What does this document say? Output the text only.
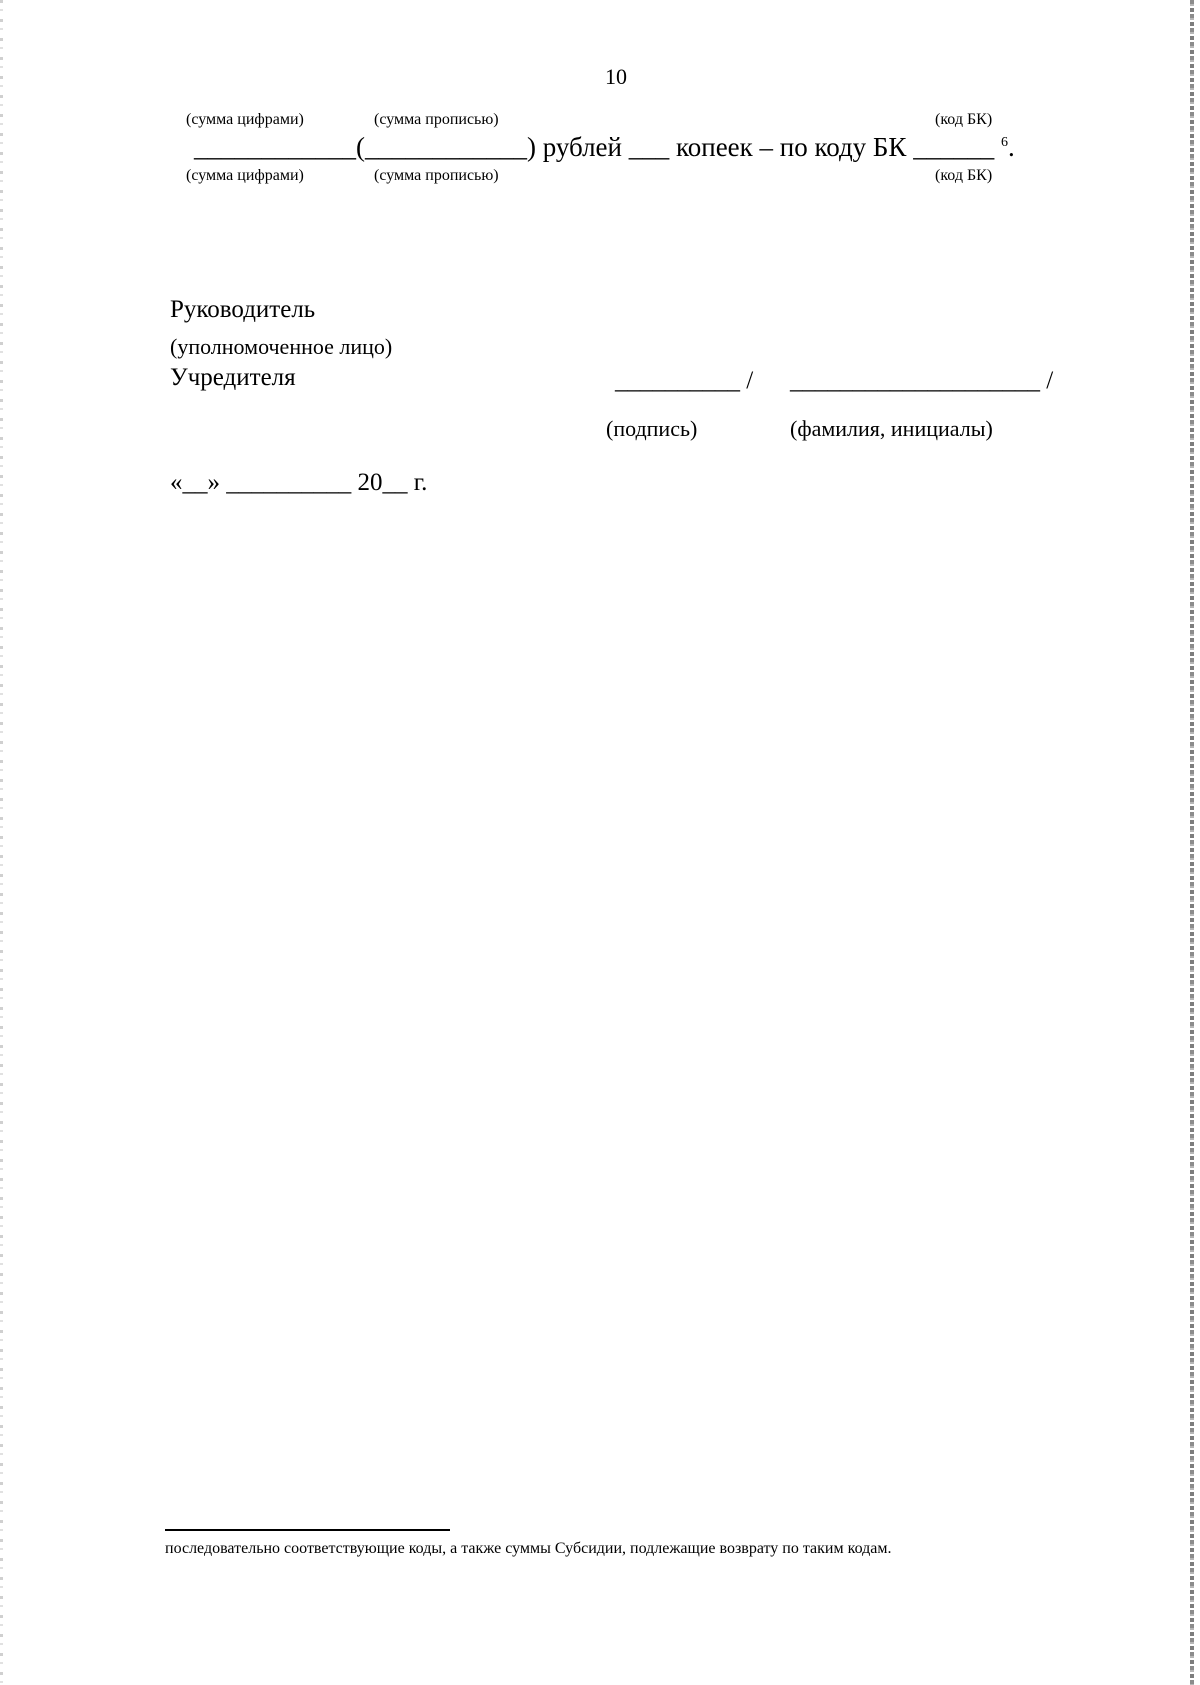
10
(сумма цифрами)	(сумма прописью)	(код БК)
____________(____________) рублей ___ копеек – по коду БК ______ $^6$.
(сумма цифрами)	(сумма прописью)	(код БК)
Руководитель
(уполномоченное лицо)
Учредителя	__________ / ____________________ /
(подпись)	(фамилия, инициалы)
«__» __________ 20__ г.
последовательно соответствующие коды, а также суммы Субсидии, подлежащие возврату по таким кодам.
